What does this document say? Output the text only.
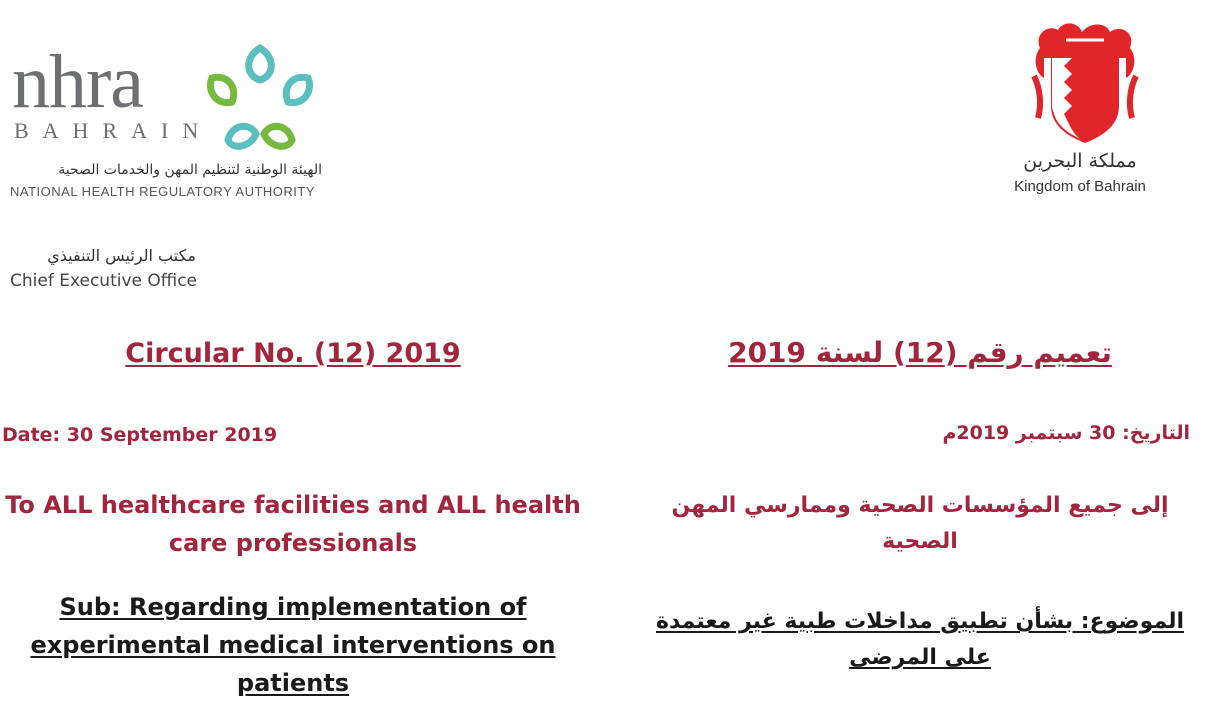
nhra
BAHRAIN
الهيئة الوطنية لتنظيم المهن والخدمات الصحية
NATIONAL HEALTH REGULATORY AUTHORITY
مكتب الرئيس التنفيذي
Chief Executive Office
مملكة البحرين
Kingdom of Bahrain
Circular No. (12) 2019	تعميم رقم (12) لسنة 2019
Date: 30 September 2019	التاريخ: 30 سبتمبر 2019م
To ALL healthcare facilities and ALL health
care professionals
إلى جميع المؤسسات الصحية وممارسي المهن
الصحية
Sub: Regarding implementation of
experimental medical interventions on
patients
الموضوع: بشأن تطبيق مداخلات طبية غير معتمدة
على المرضى
